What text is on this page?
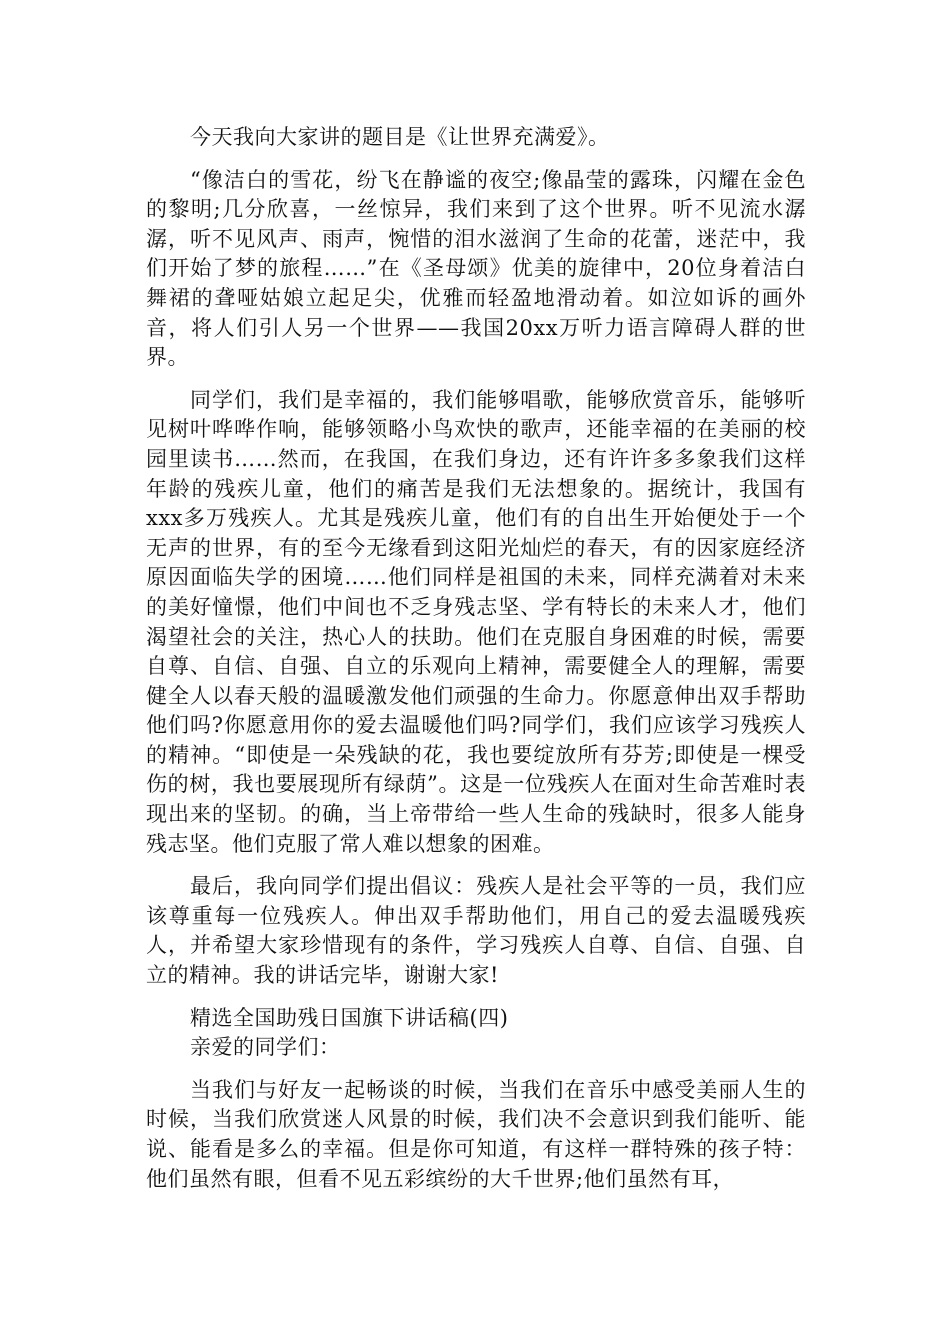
今天我向大家讲的题目是《让世界充满爱》。

“像洁白的雪花，纷飞在静谧的夜空;像晶莹的露珠，闪耀在金色的黎明;几分欣喜，一丝惊异，我们来到了这个世界。听不见流水潺潺，听不见风声、雨声，惋惜的泪水滋润了生命的花蕾，迷茫中，我们开始了梦的旅程……”在《圣母颂》优美的旋律中，20位身着洁白舞裙的聋哑姑娘立起足尖，优雅而轻盈地滑动着。如泣如诉的画外音，将人们引人另一个世界——我国20xx万听力语言障碍人群的世界。

同学们，我们是幸福的，我们能够唱歌，能够欣赏音乐，能够听见树叶哗哗作响，能够领略小鸟欢快的歌声，还能幸福的在美丽的校园里读书……然而，在我国，在我们身边，还有许许多多象我们这样年龄的残疾儿童，他们的痛苦是我们无法想象的。据统计，我国有xxx多万残疾人。尤其是残疾儿童，他们有的自出生开始便处于一个无声的世界，有的至今无缘看到这阳光灿烂的春天，有的因家庭经济原因面临失学的困境……他们同样是祖国的未来，同样充满着对未来的美好憧憬，他们中间也不乏身残志坚、学有特长的未来人才，他们渴望社会的关注，热心人的扶助。他们在克服自身困难的时候，需要自尊、自信、自强、自立的乐观向上精神，需要健全人的理解，需要健全人以春天般的温暖激发他们顽强的生命力。你愿意伸出双手帮助他们吗?你愿意用你的爱去温暖他们吗?同学们，我们应该学习残疾人的精神。“即使是一朵残缺的花，我也要绽放所有芬芳;即使是一棵受伤的树，我也要展现所有绿荫”。这是一位残疾人在面对生命苦难时表现出来的坚韧。的确，当上帝带给一些人生命的残缺时，很多人能身残志坚。他们克服了常人难以想象的困难。

最后，我向同学们提出倡议：残疾人是社会平等的一员，我们应该尊重每一位残疾人。伸出双手帮助他们，用自己的爱去温暖残疾人，并希望大家珍惜现有的条件，学习残疾人自尊、自信、自强、自立的精神。我的讲话完毕，谢谢大家!

精选全国助残日国旗下讲话稿(四)

亲爱的同学们：

当我们与好友一起畅谈的时候，当我们在音乐中感受美丽人生的时候，当我们欣赏迷人风景的时候，我们决不会意识到我们能听、能说、能看是多么的幸福。但是你可知道，有这样一群特殊的孩子特：他们虽然有眼，但看不见五彩缤纷的大千世界;他们虽然有耳，
